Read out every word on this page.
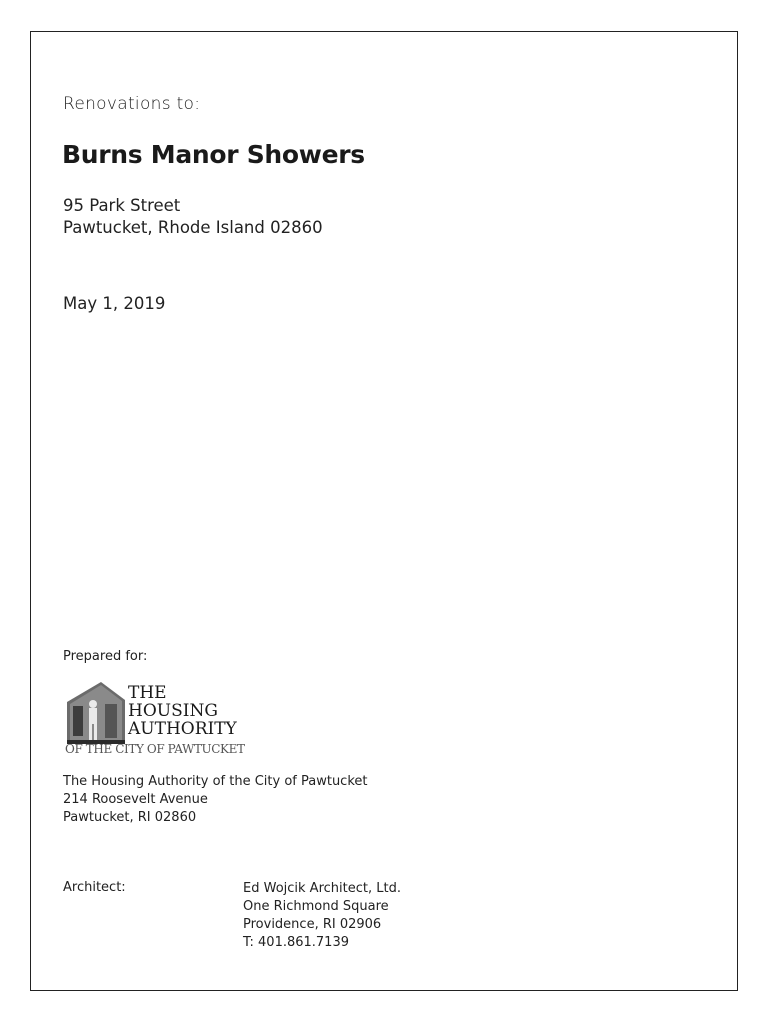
Renovations to:
Burns Manor Showers
95 Park Street
Pawtucket, Rhode Island 02860
May 1, 2019
Prepared for:
THE
HOUSING
AUTHORITY
OF THE CITY OF PAWTUCKET
The Housing Authority of the City of Pawtucket
214 Roosevelt Avenue
Pawtucket, RI 02860
Architect:	Ed Wojcik Architect, Ltd.
One Richmond Square
Providence, RI 02906
T: 401.861.7139
